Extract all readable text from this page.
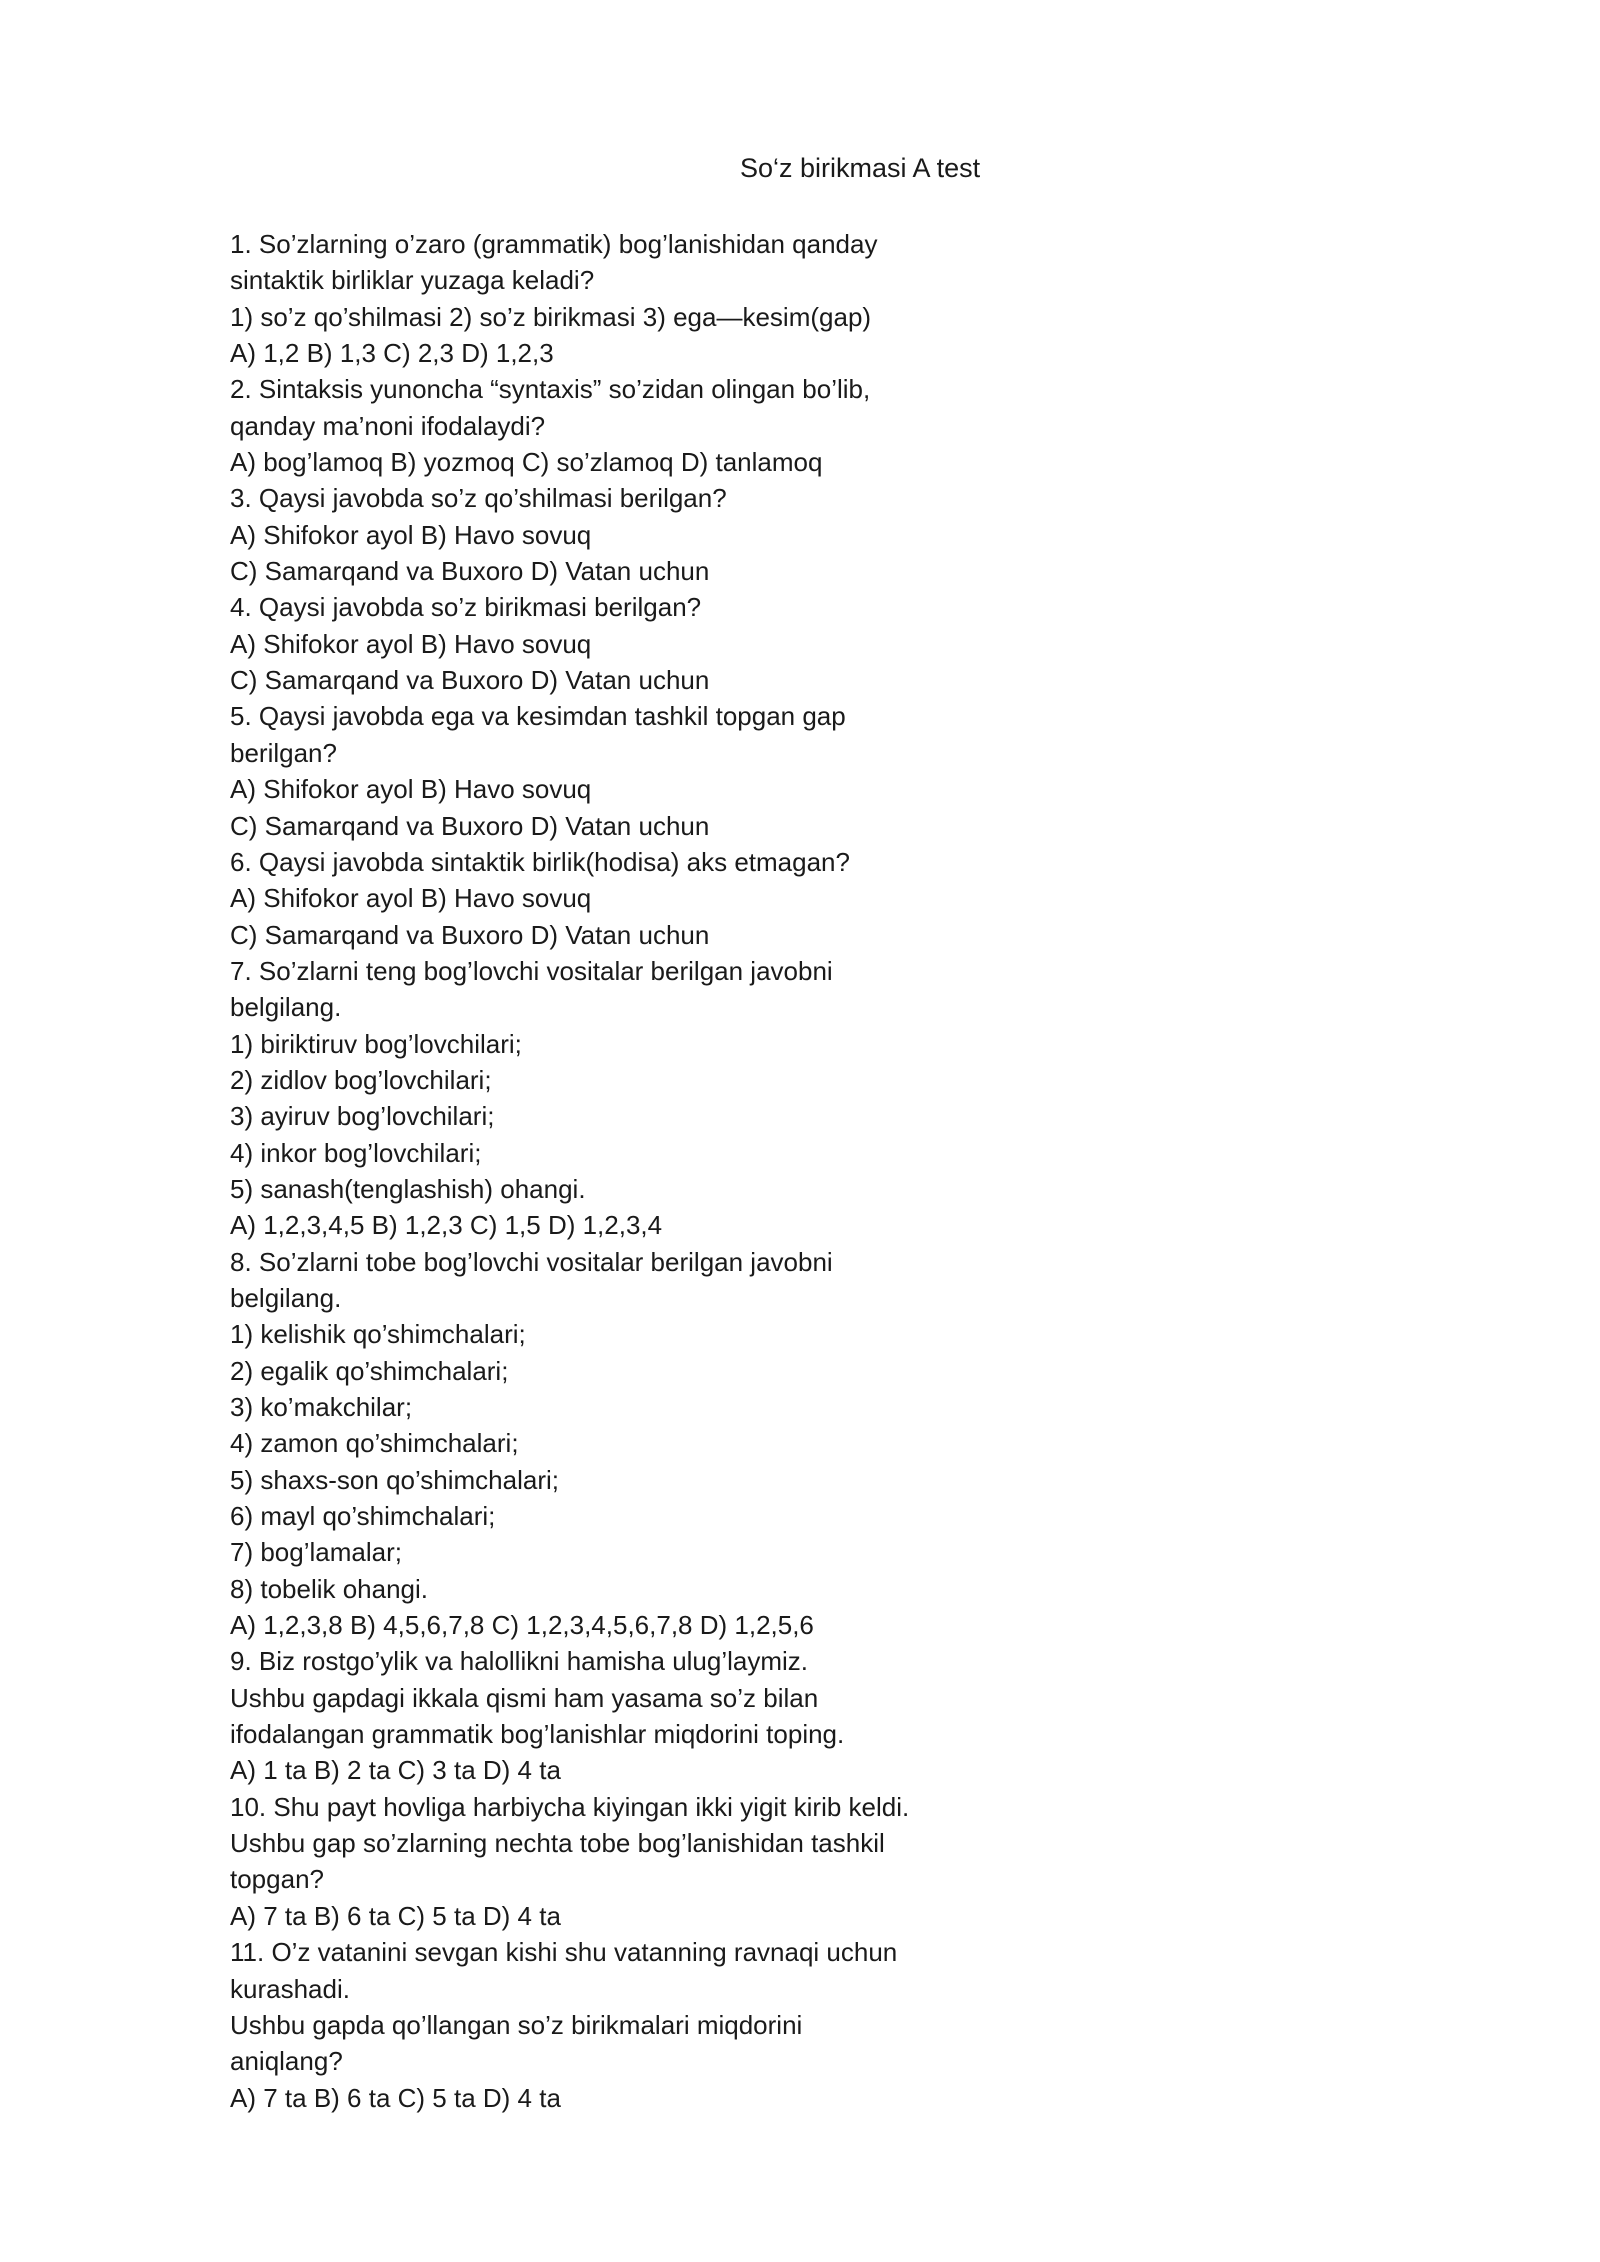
So‘z birikmasi A test
1. So’zlarning o’zaro (grammatik) bog’lanishidan qanday
sintaktik birliklar yuzaga keladi?
1) so’z qo’shilmasi 2) so’z birikmasi 3) ega—kesim(gap)
A) 1,2 B) 1,3 C) 2,3 D) 1,2,3
2. Sintaksis yunoncha “syntaxis” so’zidan olingan bo’lib,
qanday ma’noni ifodalaydi?
A) bog’lamoq B) yozmoq C) so’zlamoq D) tanlamoq
3. Qaysi javobda so’z qo’shilmasi berilgan?
A) Shifokor ayol B) Havo sovuq
C) Samarqand va Buxoro D) Vatan uchun
4. Qaysi javobda so’z birikmasi berilgan?
A) Shifokor ayol B) Havo sovuq
C) Samarqand va Buxoro D) Vatan uchun
5. Qaysi javobda ega va kesimdan tashkil topgan gap
berilgan?
A) Shifokor ayol B) Havo sovuq
C) Samarqand va Buxoro D) Vatan uchun
6. Qaysi javobda sintaktik birlik(hodisa) aks etmagan?
A) Shifokor ayol B) Havo sovuq
C) Samarqand va Buxoro D) Vatan uchun
7. So’zlarni teng bog’lovchi vositalar berilgan javobni
belgilang.
1) biriktiruv bog’lovchilari;
2) zidlov bog’lovchilari;
3) ayiruv bog’lovchilari;
4) inkor bog’lovchilari;
5) sanash(tenglashish) ohangi.
A) 1,2,3,4,5 B) 1,2,3 C) 1,5 D) 1,2,3,4
8. So’zlarni tobe bog’lovchi vositalar berilgan javobni
belgilang.
1) kelishik qo’shimchalari;
2) egalik qo’shimchalari;
3) ko’makchilar;
4) zamon qo’shimchalari;
5) shaxs-son qo’shimchalari;
6) mayl qo’shimchalari;
7) bog’lamalar;
8) tobelik ohangi.
A) 1,2,3,8 B) 4,5,6,7,8 C) 1,2,3,4,5,6,7,8 D) 1,2,5,6
9. Biz rostgo’ylik va halollikni hamisha ulug’laymiz.
Ushbu gapdagi ikkala qismi ham yasama so’z bilan
ifodalangan grammatik bog’lanishlar miqdorini toping.
A) 1 ta B) 2 ta C) 3 ta D) 4 ta
10. Shu payt hovliga harbiycha kiyingan ikki yigit kirib keldi.
Ushbu gap so’zlarning nechta tobe bog’lanishidan tashkil
topgan?
A) 7 ta B) 6 ta C) 5 ta D) 4 ta
11. O’z vatanini sevgan kishi shu vatanning ravnaqi uchun
kurashadi.
Ushbu gapda qo’llangan so’z birikmalari miqdorini
aniqlang?
A) 7 ta B) 6 ta C) 5 ta D) 4 ta
